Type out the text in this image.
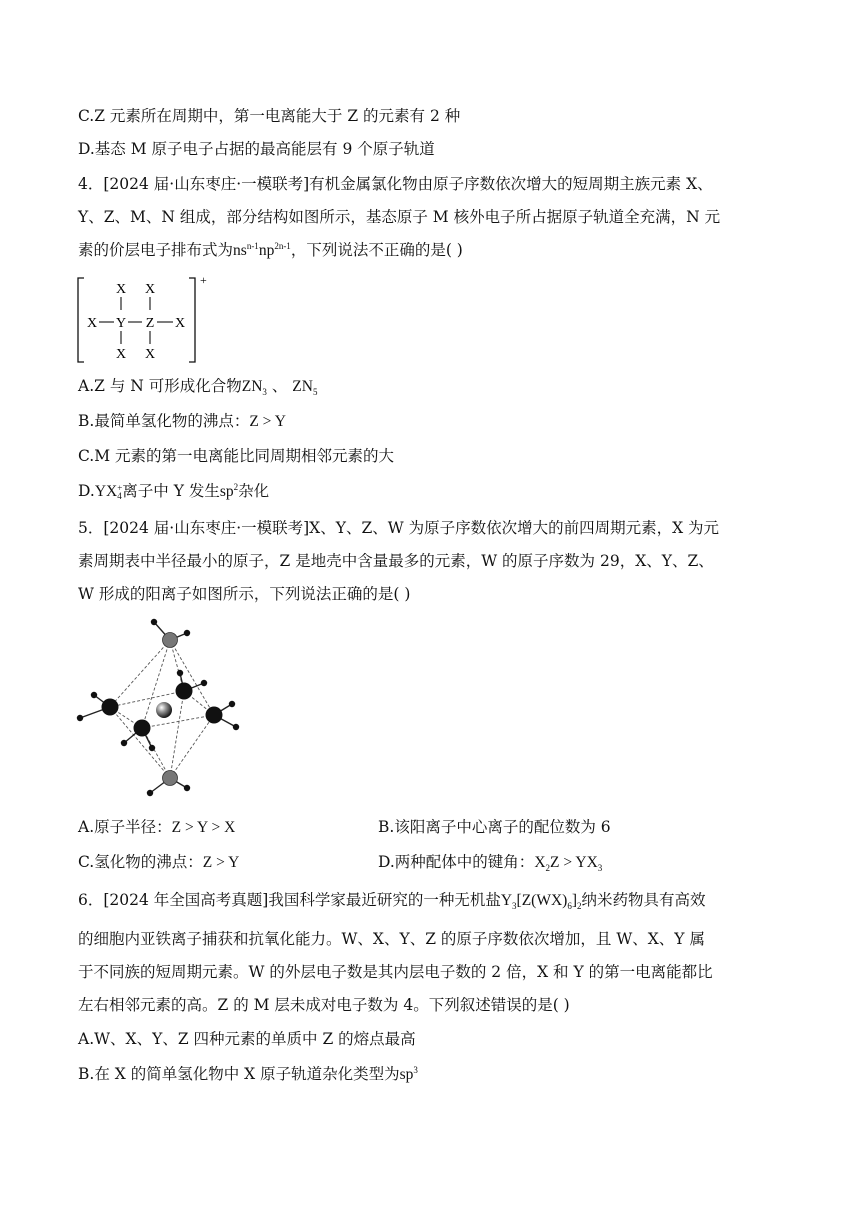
C.Z 元素所在周期中，第一电离能大于 Z 的元素有 2 种
D.基态 M 原子电子占据的最高能层有 9 个原子轨道
4．[2024 届·山东枣庄·一模联考]有机金属氯化物由原子序数依次增大的短周期主族元素 X、
Y、Z、M、N 组成，部分结构如图所示，基态原子 M 核外电子所占据原子轨道全充满，N 元
素的价层电子排布式为$ns^{n-1}np^{2n-1}$，下列说法不正确的是( )
+
X X
X Y Z X
X X
A.Z 与 N 可形成化合物$ZN_3$ 、 $ZN_5$
B.最简单氢化物的沸点：Z > Y
C.M 元素的第一电离能比同周期相邻元素的大
D.YX +
4 离子中 Y 发生$sp^2$杂化
5．[2024 届·山东枣庄·一模联考]X、Y、Z、W 为原子序数依次增大的前四周期元素，X 为元
素周期表中半径最小的原子，Z 是地壳中含量最多的元素，W 的原子序数为 29，X、Y、Z、
W 形成的阳离子如图所示，下列说法正确的是( )
A.原子半径：Z > Y > X	B.该阳离子中心离子的配位数为 6
C.氢化物的沸点：Z > Y	D.两种配体中的键角：$X_2Z > YX_3$
6．[2024 年全国高考真题]我国科学家最近研究的一种无机盐$Y_3[Z(WX)_6]_2$纳米药物具有高效
的细胞内亚铁离子捕获和抗氧化能力。W、X、Y、Z 的原子序数依次增加，且 W、X、Y 属
于不同族的短周期元素。W 的外层电子数是其内层电子数的 2 倍，X 和 Y 的第一电离能都比
左右相邻元素的高。Z 的 M 层未成对电子数为 4。下列叙述错误的是( )
A.W、X、Y、Z 四种元素的单质中 Z 的熔点最高
B.在 X 的简单氢化物中 X 原子轨道杂化类型为$sp^3$
